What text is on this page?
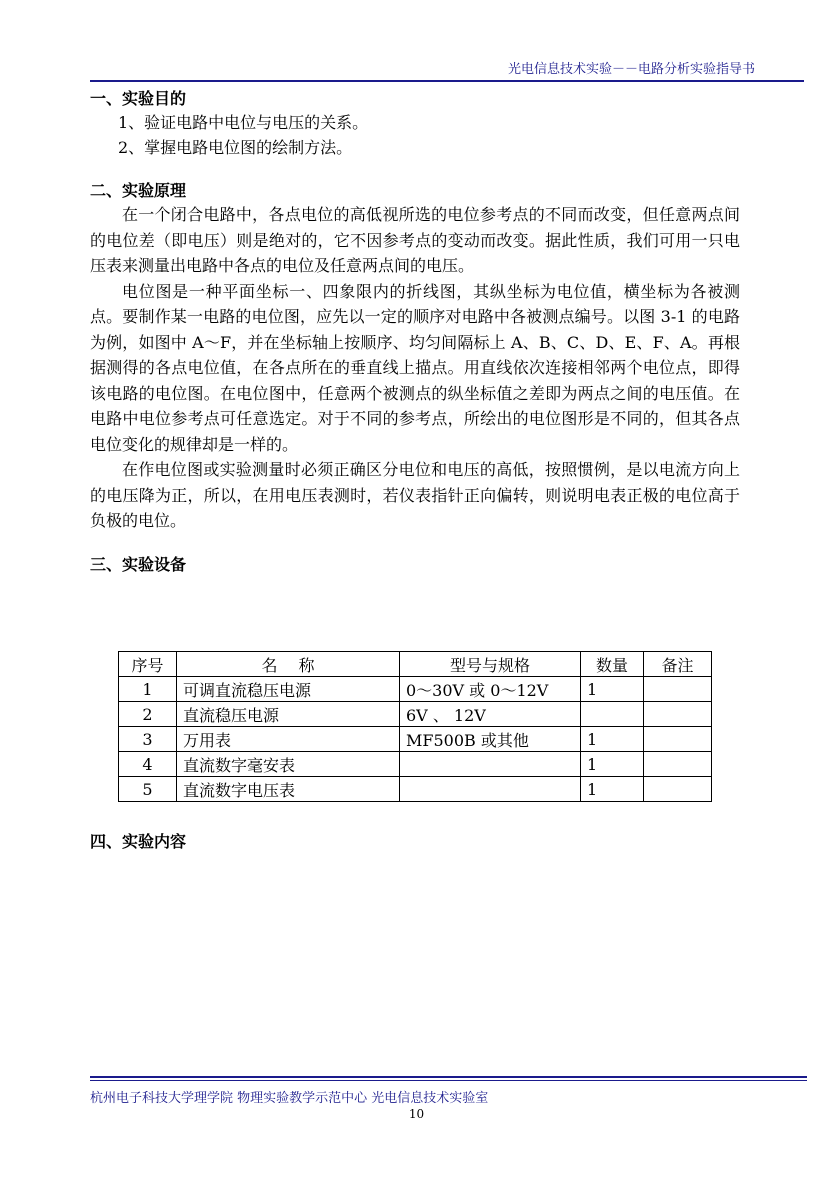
光电信息技术实验－－电路分析实验指导书
一、实验目的
1、验证电路中电位与电压的关系。
2、掌握电路电位图的绘制方法。
二、实验原理

在一个闭合电路中，各点电位的高低视所选的电位参考点的不同而改变，但任意两点间的电位差（即电压）则是绝对的，它不因参考点的变动而改变。据此性质，我们可用一只电压表来测量出电路中各点的电位及任意两点间的电压。

电位图是一种平面坐标一、四象限内的折线图，其纵坐标为电位值，横坐标为各被测点。要制作某一电路的电位图，应先以一定的顺序对电路中各被测点编号。以图 3-1 的电路为例，如图中 A～F，并在坐标轴上按顺序、均匀间隔标上 A、B、C、D、E、F、A。再根据测得的各点电位值，在各点所在的垂直线上描点。用直线依次连接相邻两个电位点，即得该电路的电位图。在电位图中，任意两个被测点的纵坐标值之差即为两点之间的电压值。在电路中电位参考点可任意选定。对于不同的参考点，所绘出的电位图形是不同的，但其各点电位变化的规律却是一样的。

在作电位图或实验测量时必须正确区分电位和电压的高低，按照惯例，是以电流方向上的电压降为正，所以，在用电压表测时，若仪表指针正向偏转，则说明电表正极的电位高于负极的电位。

三、实验设备
序号	名　 称	型号与规格	数量	备注
1	可调直流稳压电源	0～30V 或 0～12V	1	
2	直流稳压电源	6V 、 12V		
3	万用表	MF500B 或其他	1	
4	直流数字毫安表		1	
5	直流数字电压表		1	
四、实验内容
杭州电子科技大学理学院 物理实验教学示范中心 光电信息技术实验室
10
